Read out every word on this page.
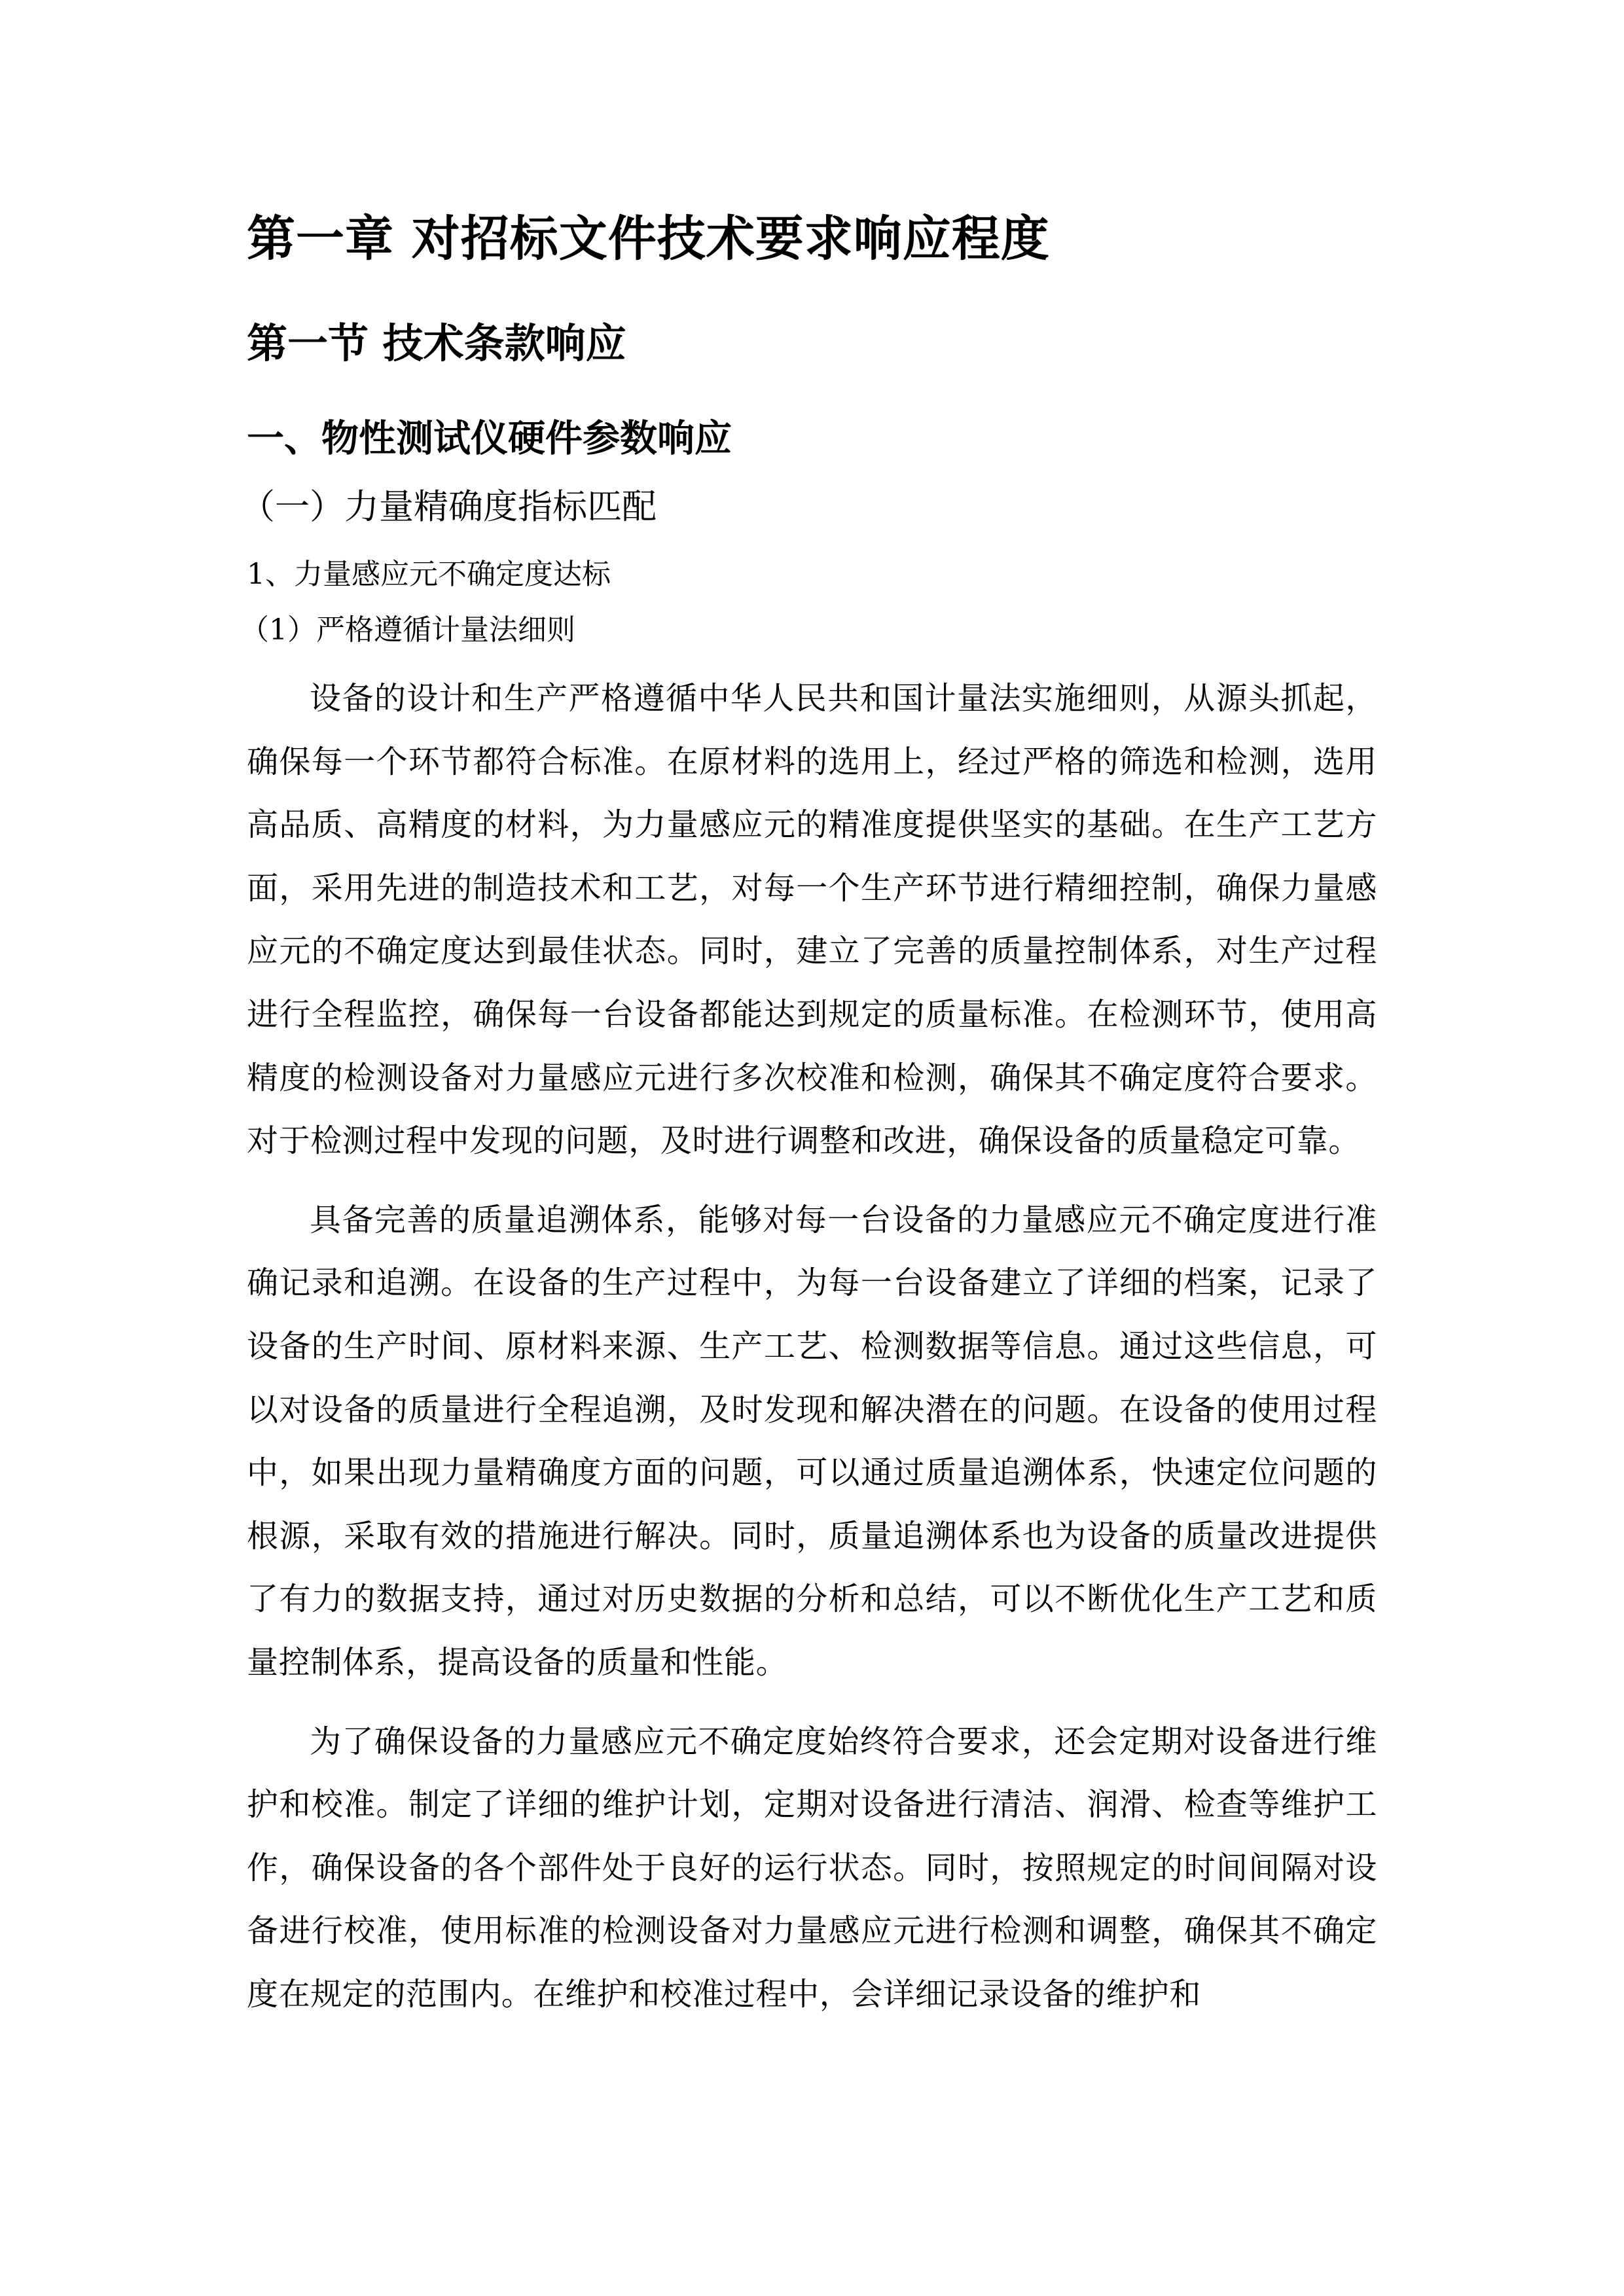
第一章 对招标文件技术要求响应程度
第一节 技术条款响应
一、物性测试仪硬件参数响应
（一）力量精确度指标匹配
1、力量感应元不确定度达标
（1）严格遵循计量法细则

设备的设计和生产严格遵循中华人民共和国计量法实施细则，从源头抓起，确保每一个环节都符合标准。在原材料的选用上，经过严格的筛选和检测，选用高品质、高精度的材料，为力量感应元的精准度提供坚实的基础。在生产工艺方面，采用先进的制造技术和工艺，对每一个生产环节进行精细控制，确保力量感应元的不确定度达到最佳状态。同时，建立了完善的质量控制体系，对生产过程进行全程监控，确保每一台设备都能达到规定的质量标准。在检测环节，使用高精度的检测设备对力量感应元进行多次校准和检测，确保其不确定度符合要求。对于检测过程中发现的问题，及时进行调整和改进，确保设备的质量稳定可靠。

具备完善的质量追溯体系，能够对每一台设备的力量感应元不确定度进行准确记录和追溯。在设备的生产过程中，为每一台设备建立了详细的档案，记录了设备的生产时间、原材料来源、生产工艺、检测数据等信息。通过这些信息，可以对设备的质量进行全程追溯，及时发现和解决潜在的问题。在设备的使用过程中，如果出现力量精确度方面的问题，可以通过质量追溯体系，快速定位问题的根源，采取有效的措施进行解决。同时，质量追溯体系也为设备的质量改进提供了有力的数据支持，通过对历史数据的分析和总结，可以不断优化生产工艺和质量控制体系，提高设备的质量和性能。

为了确保设备的力量感应元不确定度始终符合要求，还会定期对设备进行维护和校准。制定了详细的维护计划，定期对设备进行清洁、润滑、检查等维护工作，确保设备的各个部件处于良好的运行状态。同时，按照规定的时间间隔对设备进行校准，使用标准的检测设备对力量感应元进行检测和调整，确保其不确定度在规定的范围内。在维护和校准过程中，会详细记录设备的维护和
